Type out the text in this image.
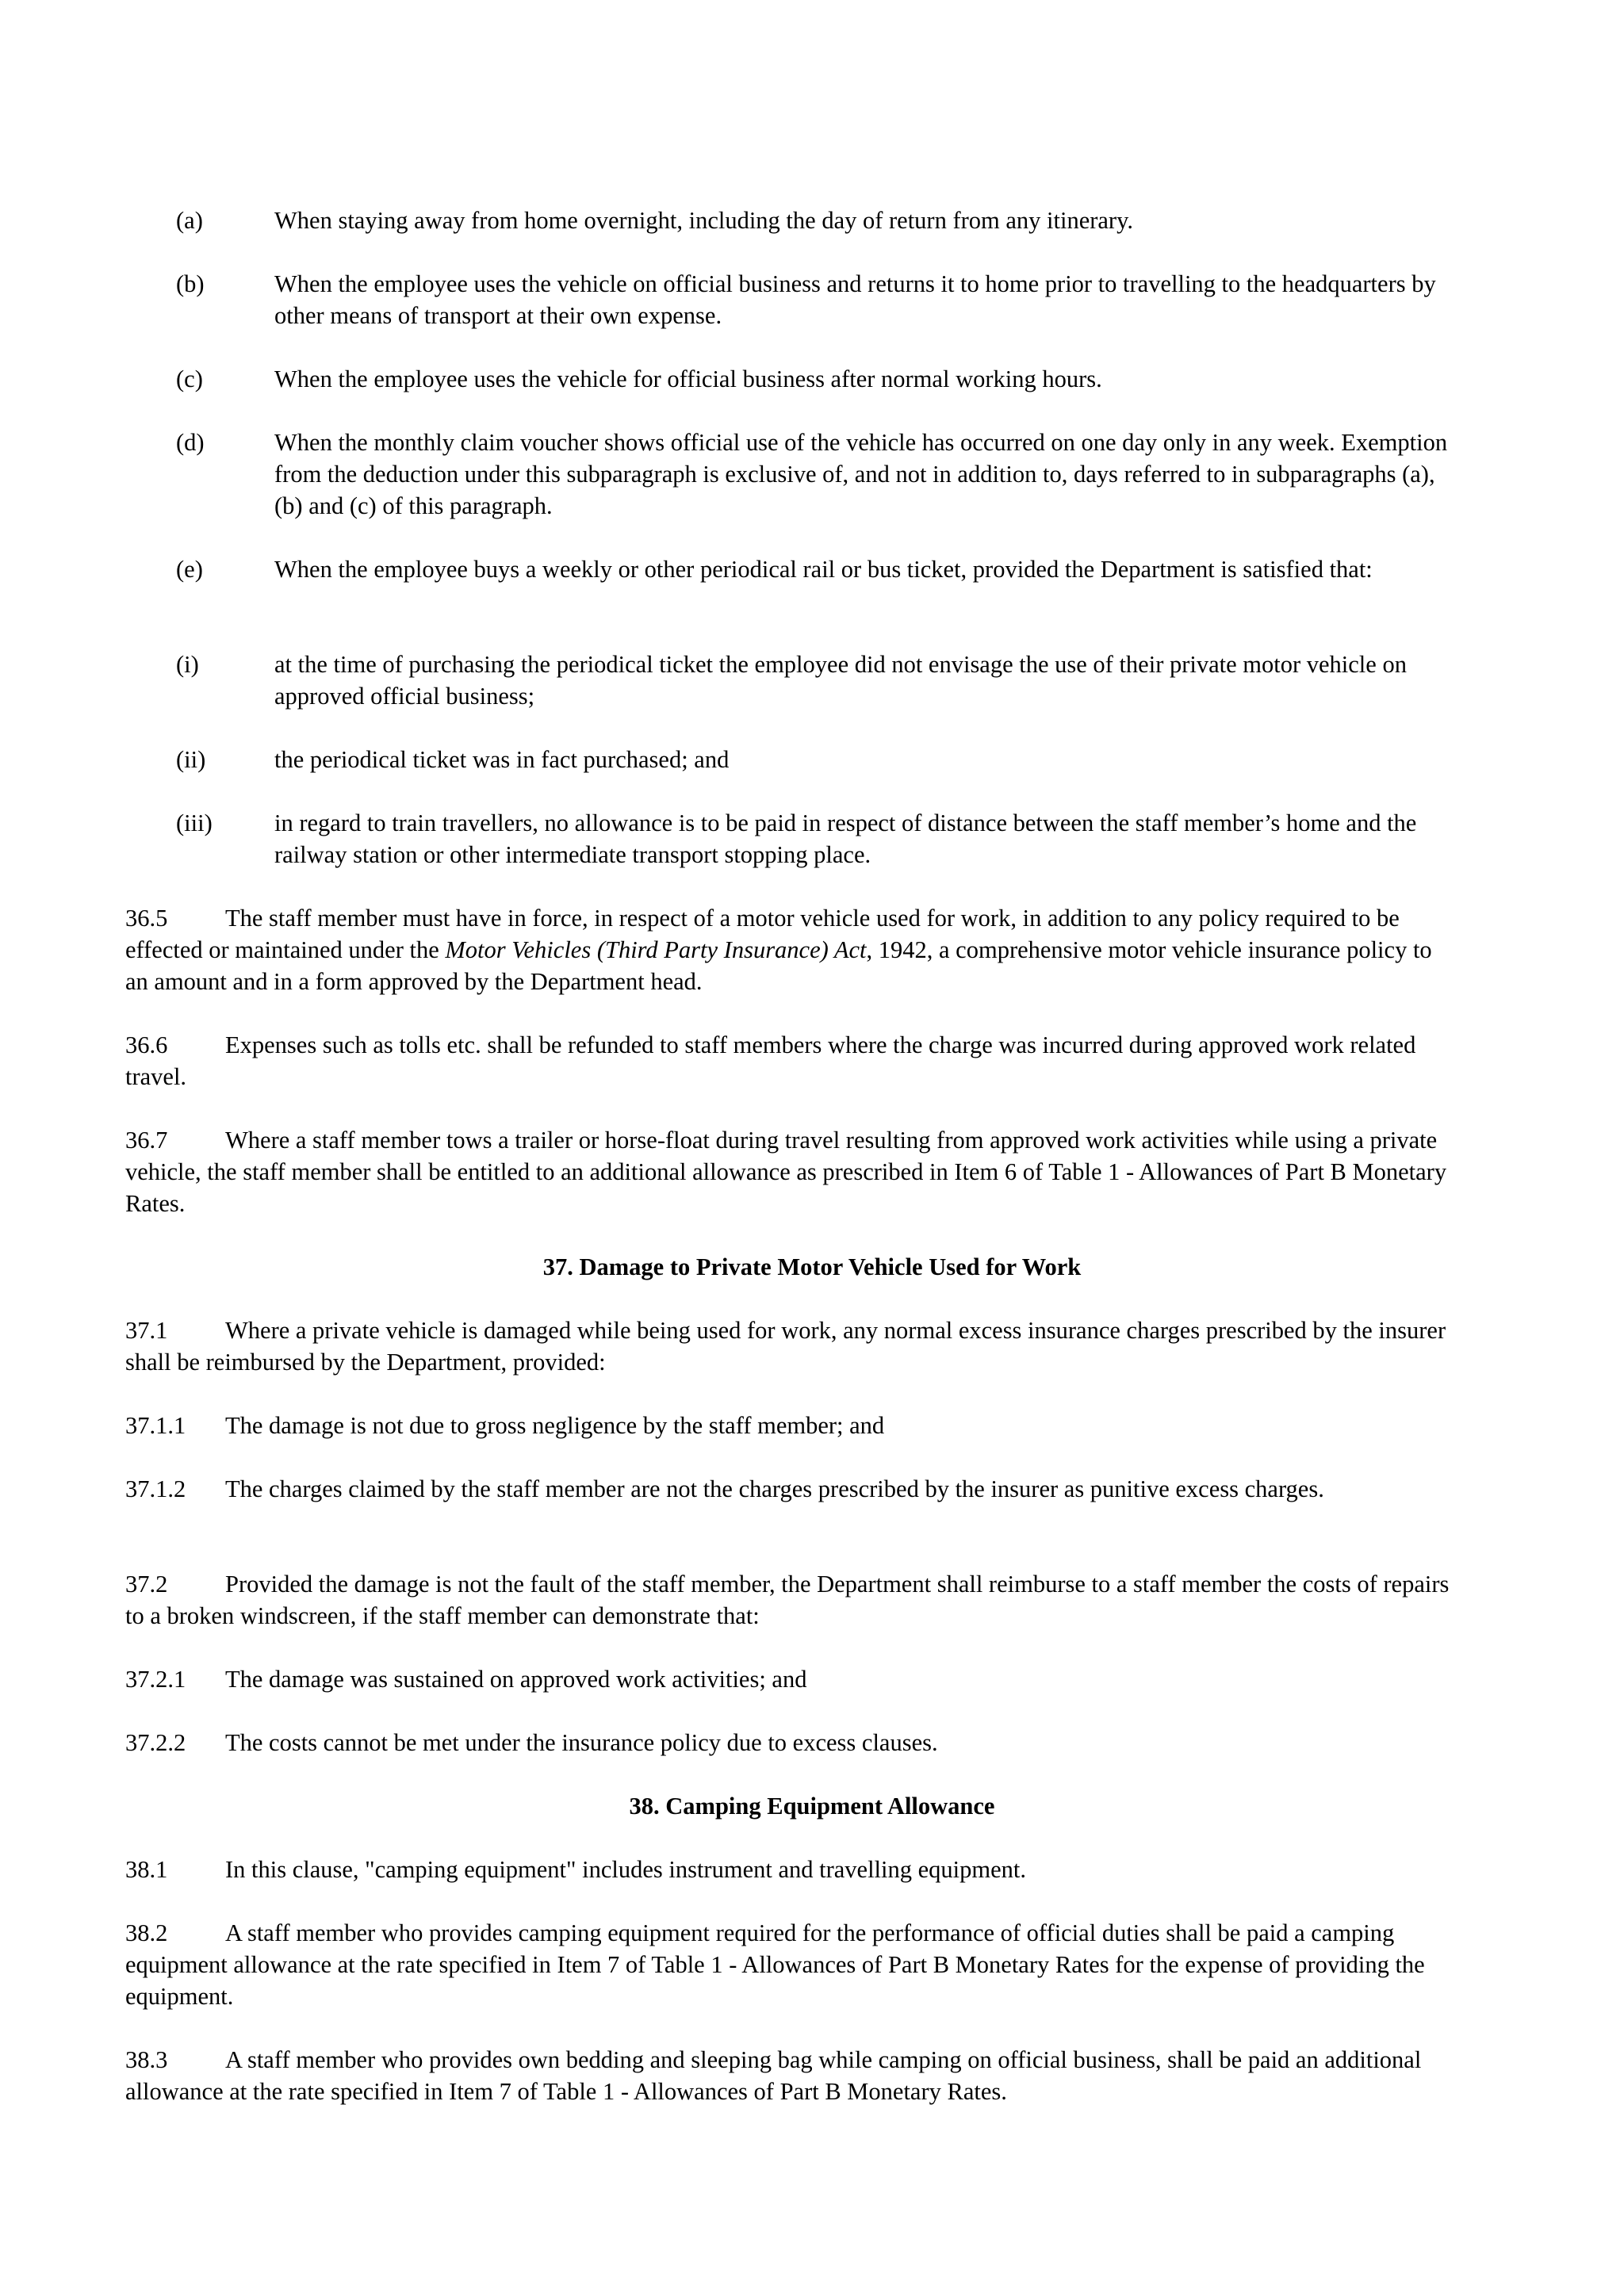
(a)	When staying away from home overnight, including the day of return from any itinerary.
(b)	When the employee uses the vehicle on official business and returns it to home prior to travelling to the headquarters by other means of transport at their own expense.
(c)	When the employee uses the vehicle for official business after normal working hours.
(d)	When the monthly claim voucher shows official use of the vehicle has occurred on one day only in any week. Exemption from the deduction under this subparagraph is exclusive of, and not in addition to, days referred to in subparagraphs (a), (b) and (c) of this paragraph.
(e)	When the employee buys a weekly or other periodical rail or bus ticket, provided the Department is satisfied that:
(i)	at the time of purchasing the periodical ticket the employee did not envisage the use of their private motor vehicle on approved official business;
(ii)	the periodical ticket was in fact purchased; and
(iii)	in regard to train travellers, no allowance is to be paid in respect of distance between the staff member’s home and the railway station or other intermediate transport stopping place.
36.5 The staff member must have in force, in respect of a motor vehicle used for work, in addition to any policy required to be effected or maintained under the Motor Vehicles (Third Party Insurance) Act, 1942, a comprehensive motor vehicle insurance policy to an amount and in a form approved by the Department head.
36.6 Expenses such as tolls etc. shall be refunded to staff members where the charge was incurred during approved work related travel.
36.7 Where a staff member tows a trailer or horse-float during travel resulting from approved work activities while using a private vehicle, the staff member shall be entitled to an additional allowance as prescribed in Item 6 of Table 1 - Allowances of Part B Monetary Rates.
37. Damage to Private Motor Vehicle Used for Work
37.1 Where a private vehicle is damaged while being used for work, any normal excess insurance charges prescribed by the insurer shall be reimbursed by the Department, provided:
37.1.1 The damage is not due to gross negligence by the staff member; and
37.1.2 The charges claimed by the staff member are not the charges prescribed by the insurer as punitive excess charges.
37.2 Provided the damage is not the fault of the staff member, the Department shall reimburse to a staff member the costs of repairs to a broken windscreen, if the staff member can demonstrate that:
37.2.1 The damage was sustained on approved work activities; and
37.2.2 The costs cannot be met under the insurance policy due to excess clauses.
38. Camping Equipment Allowance
38.1 In this clause, "camping equipment" includes instrument and travelling equipment.
38.2 A staff member who provides camping equipment required for the performance of official duties shall be paid a camping equipment allowance at the rate specified in Item 7 of Table 1 - Allowances of Part B Monetary Rates for the expense of providing the equipment.
38.3 A staff member who provides own bedding and sleeping bag while camping on official business, shall be paid an additional allowance at the rate specified in Item 7 of Table 1 - Allowances of Part B Monetary Rates.
